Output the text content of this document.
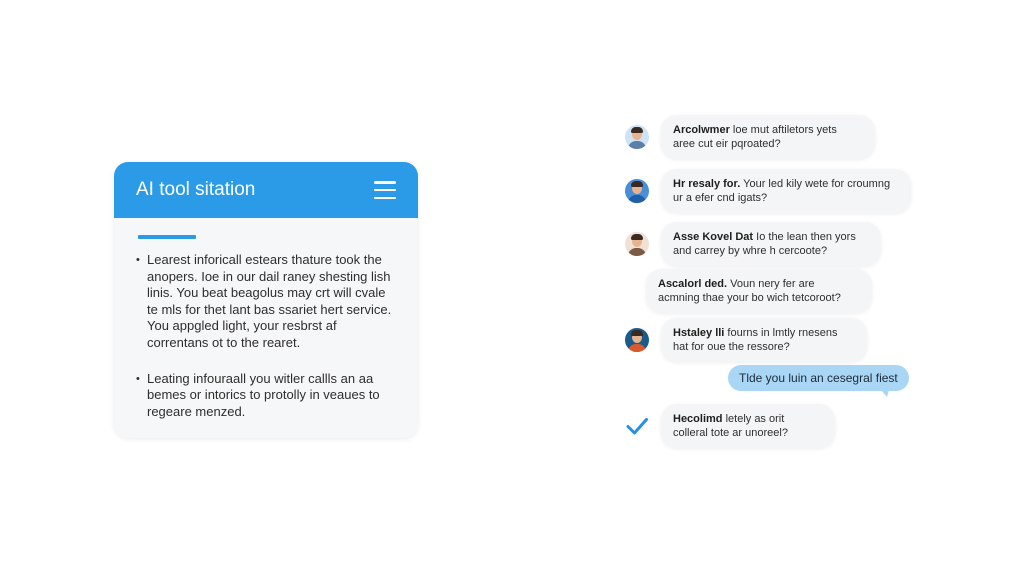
AI tool sitation
• Learest inforicall estears thature took the anopers. Ioe in our dail raney shesting lish linis. You beat beagolus may crt will cvale te mls for thet lant bas ssariet hert service. You appgled light, your resbrst af correntans ot to the rearet.
• Leating infouraall you witler callls an aa bemes or intorics to protolly in veaues to regeare menzed.
Arcolwmer loe mut aftiletors yets aree cut eir pqroated?
Hr resaly for. Your led kily wete for croumng ur a efer cnd igats?
Asse Kovel Dat Io the lean then yors and carrey by whre h cercoote?
Ascalorl ded. Voun nery fer are acmning thae your bo wich tetcoroot?
Hstaley lli fourns in lmtly rnesens hat for oue the ressore?
Tlde you luin an cesegral fiest
Hecolimd letely as orit colleral tote ar unoreel?
